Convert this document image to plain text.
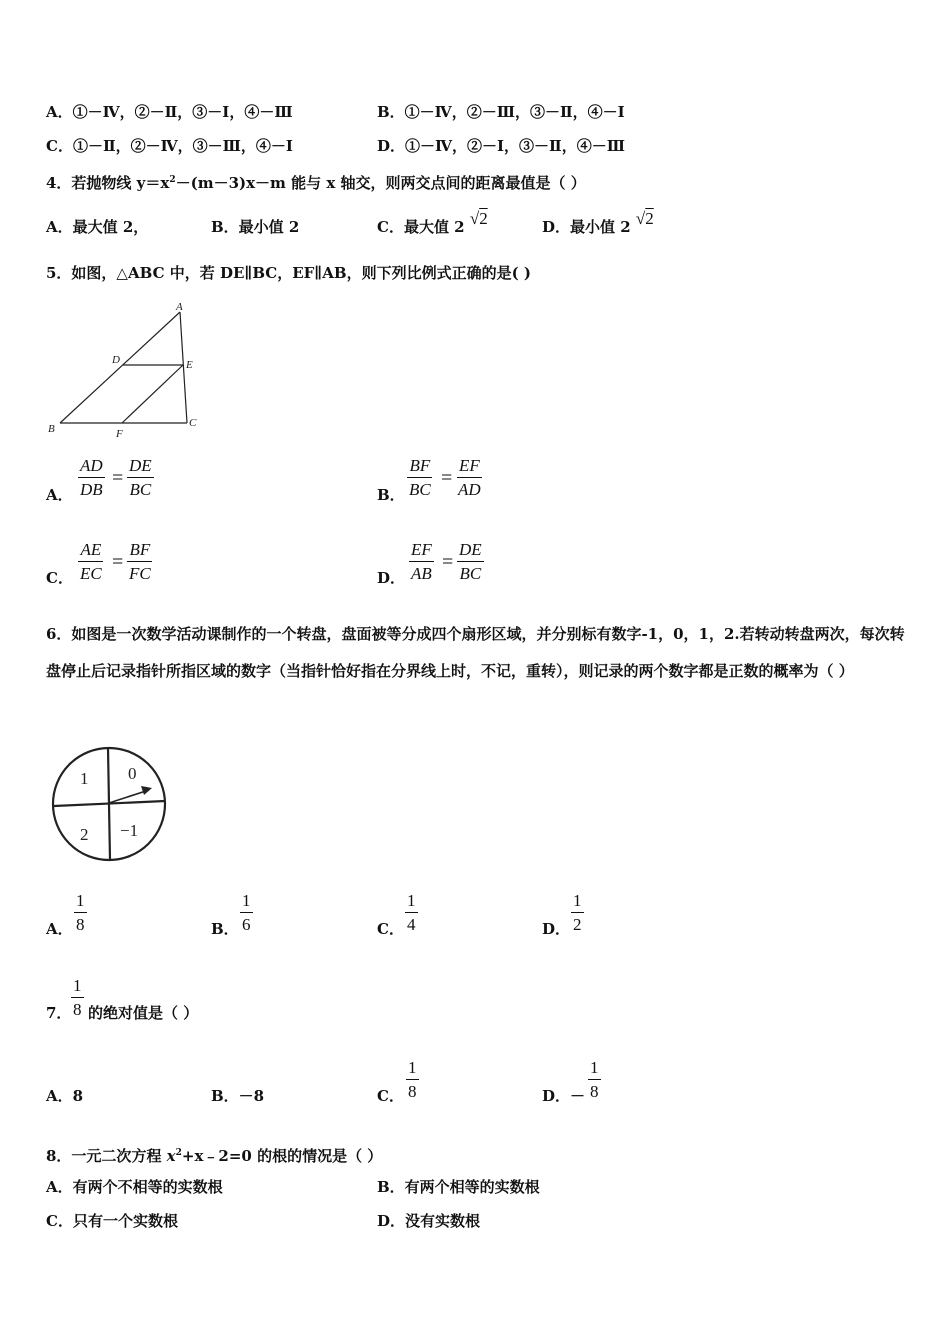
A．①－Ⅳ，②－Ⅱ，③－Ⅰ，④－Ⅲ	B．①－Ⅳ，②－Ⅲ，③－Ⅱ，④－Ⅰ
C．①－Ⅱ，②－Ⅳ，③－Ⅲ，④－Ⅰ	D．①－Ⅳ，②－Ⅰ，③－Ⅱ，④－Ⅲ
4．若抛物线 $y=x^2-(m-3)x-m$ 能与 x 轴交，则两交点间的距离最值是（ ）
A．最大值 2，	B．最小值 2	C．最大值 2 √2	D．最小值 2 √2
5．如图，△ABC 中，若 DE∥BC，EF∥AB，则下列比例式正确的是( )
A
D	E
B	F
C
A． $\frac{AD}{DB} = \frac{DE}{BC}$	B． $\frac{BF}{BC} = \frac{EF}{AD}$
C． $\frac{AE}{EC} = \frac{BF}{FC}$	D． $\frac{EF}{AB} = \frac{DE}{BC}$
6．如图是一次数学活动课制作的一个转盘，盘面被等分成四个扇形区域，并分别标有数字-1，0，1，2.若转动转盘两次，每次转盘停止后记录指针所指区域的数字（当指针恰好指在分界线上时，不记，重转），则记录的两个数字都是正数的概率为（ ）
1 0
2 −1
A． $\frac{1}{8}$	B． $\frac{1}{6}$	C． $\frac{1}{4}$	D． $\frac{1}{2}$
7． $\frac{1}{8}$ 的绝对值是（ ）
A．8	B．－8	C． $\frac{1}{8}$	D．－ $\frac{1}{8}$
8．一元二次方程 $x^2+x﹣2=0$ 的根的情况是（ ）
A．有两个不相等的实数根	B．有两个相等的实数根
C．只有一个实数根	D．没有实数根
